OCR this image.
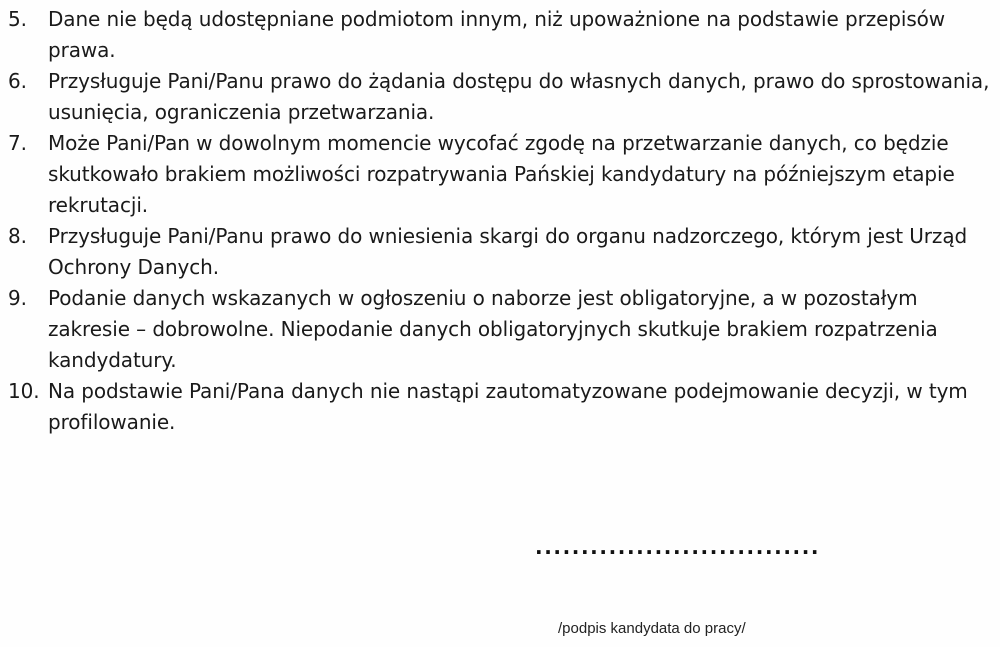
5.	Dane nie będą udostępniane podmiotom innym, niż upoważnione na podstawie przepisów prawa.
6.	Przysługuje Pani/Panu prawo do żądania dostępu do własnych danych, prawo do sprostowania, usunięcia, ograniczenia przetwarzania.
7.	Może Pani/Pan w dowolnym momencie wycofać zgodę na przetwarzanie danych, co będzie skutkowało brakiem możliwości rozpatrywania Pańskiej kandydatury na późniejszym etapie rekrutacji.
8.	Przysługuje Pani/Panu prawo do wniesienia skargi do organu nadzorczego, którym jest Urząd Ochrony Danych.
9.	Podanie danych wskazanych w ogłoszeniu o naborze jest obligatoryjne, a w pozostałym zakresie – dobrowolne. Niepodanie danych obligatoryjnych skutkuje brakiem rozpatrzenia kandydatury.
10. Na podstawie Pani/Pana danych nie nastąpi zautomatyzowane podejmowanie decyzji, w tym profilowanie.
...............................
/podpis kandydata do pracy/
